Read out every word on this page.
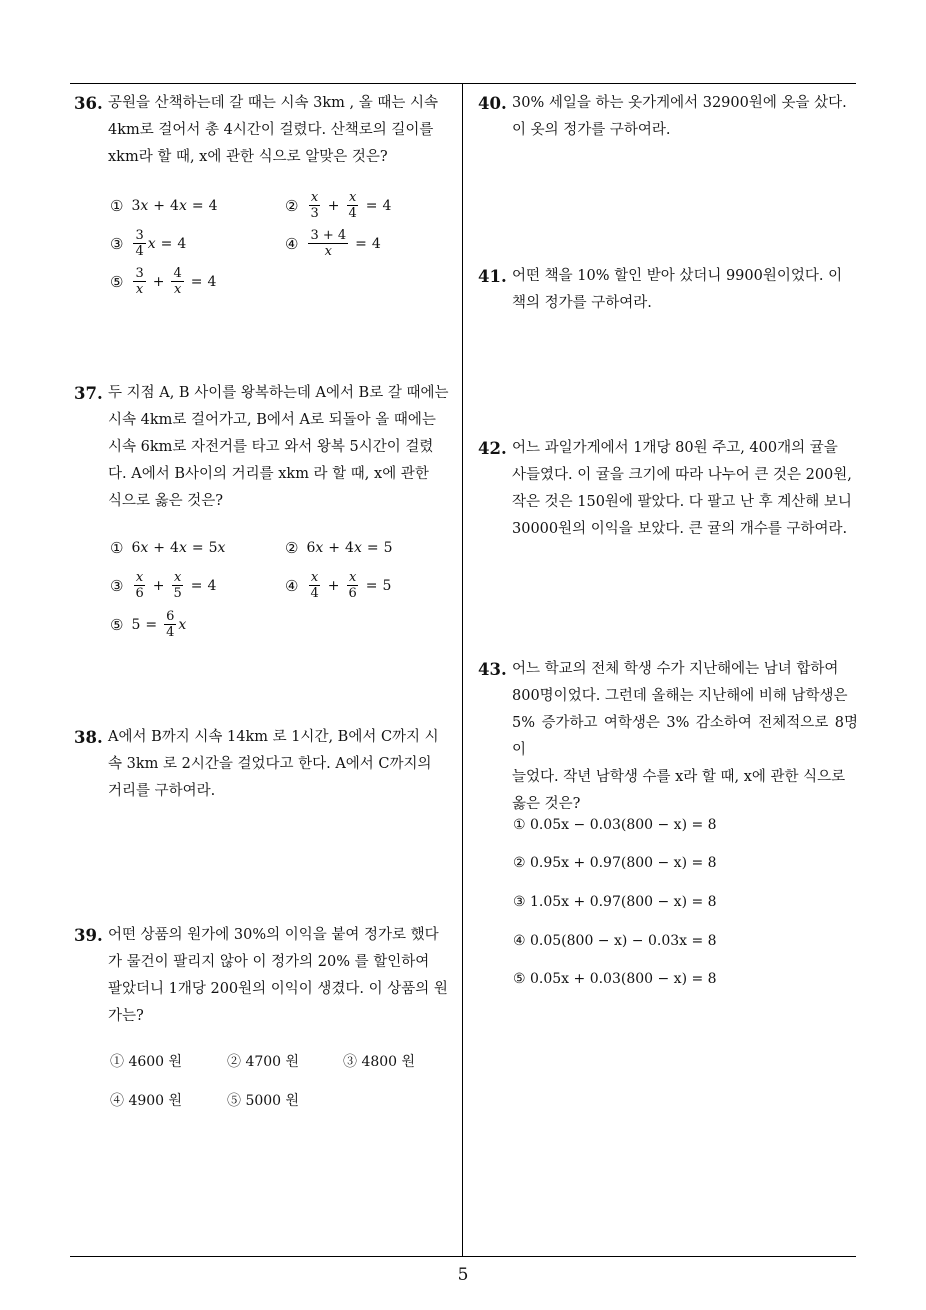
36. 공원을 산책하는데 갈 때는 시속 3km , 올 때는 시속
4km로 걸어서 총 4시간이 걸렸다. 산책로의 길이를
xkm라 할 때, x에 관한 식으로 알맞은 것은?
① 3x + 4x = 4	② $\frac{x}{3} + \frac{x}{4} = 4$
③ $\frac{3}{4}$ x = 4	④ $\frac{3 + 4}{x} = 4$
⑤ $\frac{3}{x} + \frac{4}{x} = 4$
37. 두 지점 A, B 사이를 왕복하는데 A에서 B로 갈 때에는
시속 4km로 걸어가고, B에서 A로 되돌아 올 때에는
시속 6km로 자전거를 타고 와서 왕복 5시간이 걸렸
다. A에서 B사이의 거리를 xkm 라 할 때, x에 관한
식으로 옳은 것은?
① 6x + 4x = 5x	② 6x + 4x = 5
③ $\frac{x}{6} + \frac{x}{5} = 4$	④ $\frac{x}{4} + \frac{x}{6} = 5$
⑤ $5 = \frac{6}{4}$ x
38. A에서 B까지 시속 14km 로 1시간, B에서 C까지 시
속 3km 로 2시간을 걸었다고 한다. A에서 C까지의
거리를 구하여라.
39. 어떤 상품의 원가에 30%의 이익을 붙여 정가로 했다
가 물건이 팔리지 않아 이 정가의 20% 를 할인하여
팔았더니 1개당 200원의 이익이 생겼다. 이 상품의 원
가는?
① 4600 원	② 4700 원	③ 4800 원
④ 4900 원	⑤ 5000 원
40. 30% 세일을 하는 옷가게에서 32900원에 옷을 샀다.
이 옷의 정가를 구하여라.
41. 어떤 책을 10% 할인 받아 샀더니 9900원이었다. 이
책의 정가를 구하여라.
42. 어느 과일가게에서 1개당 80원 주고, 400개의 귤을
사들였다. 이 귤을 크기에 따라 나누어 큰 것은 200원,
작은 것은 150원에 팔았다. 다 팔고 난 후 계산해 보니
30000원의 이익을 보았다. 큰 귤의 개수를 구하여라.
43. 어느 학교의 전체 학생 수가 지난해에는 남녀 합하여
800명이었다. 그런데 올해는 지난해에 비해 남학생은
5% 증가하고 여학생은 3% 감소하여 전체적으로 8명이
늘었다. 작년 남학생 수를 x라 할 때, x에 관한 식으로
옳은 것은?
① 0.05x − 0.03(800 − x) = 8
② 0.95x + 0.97(800 − x) = 8
③ 1.05x + 0.97(800 − x) = 8
④ 0.05(800 − x) − 0.03x = 8
⑤ 0.05x + 0.03(800 − x) = 8
5
